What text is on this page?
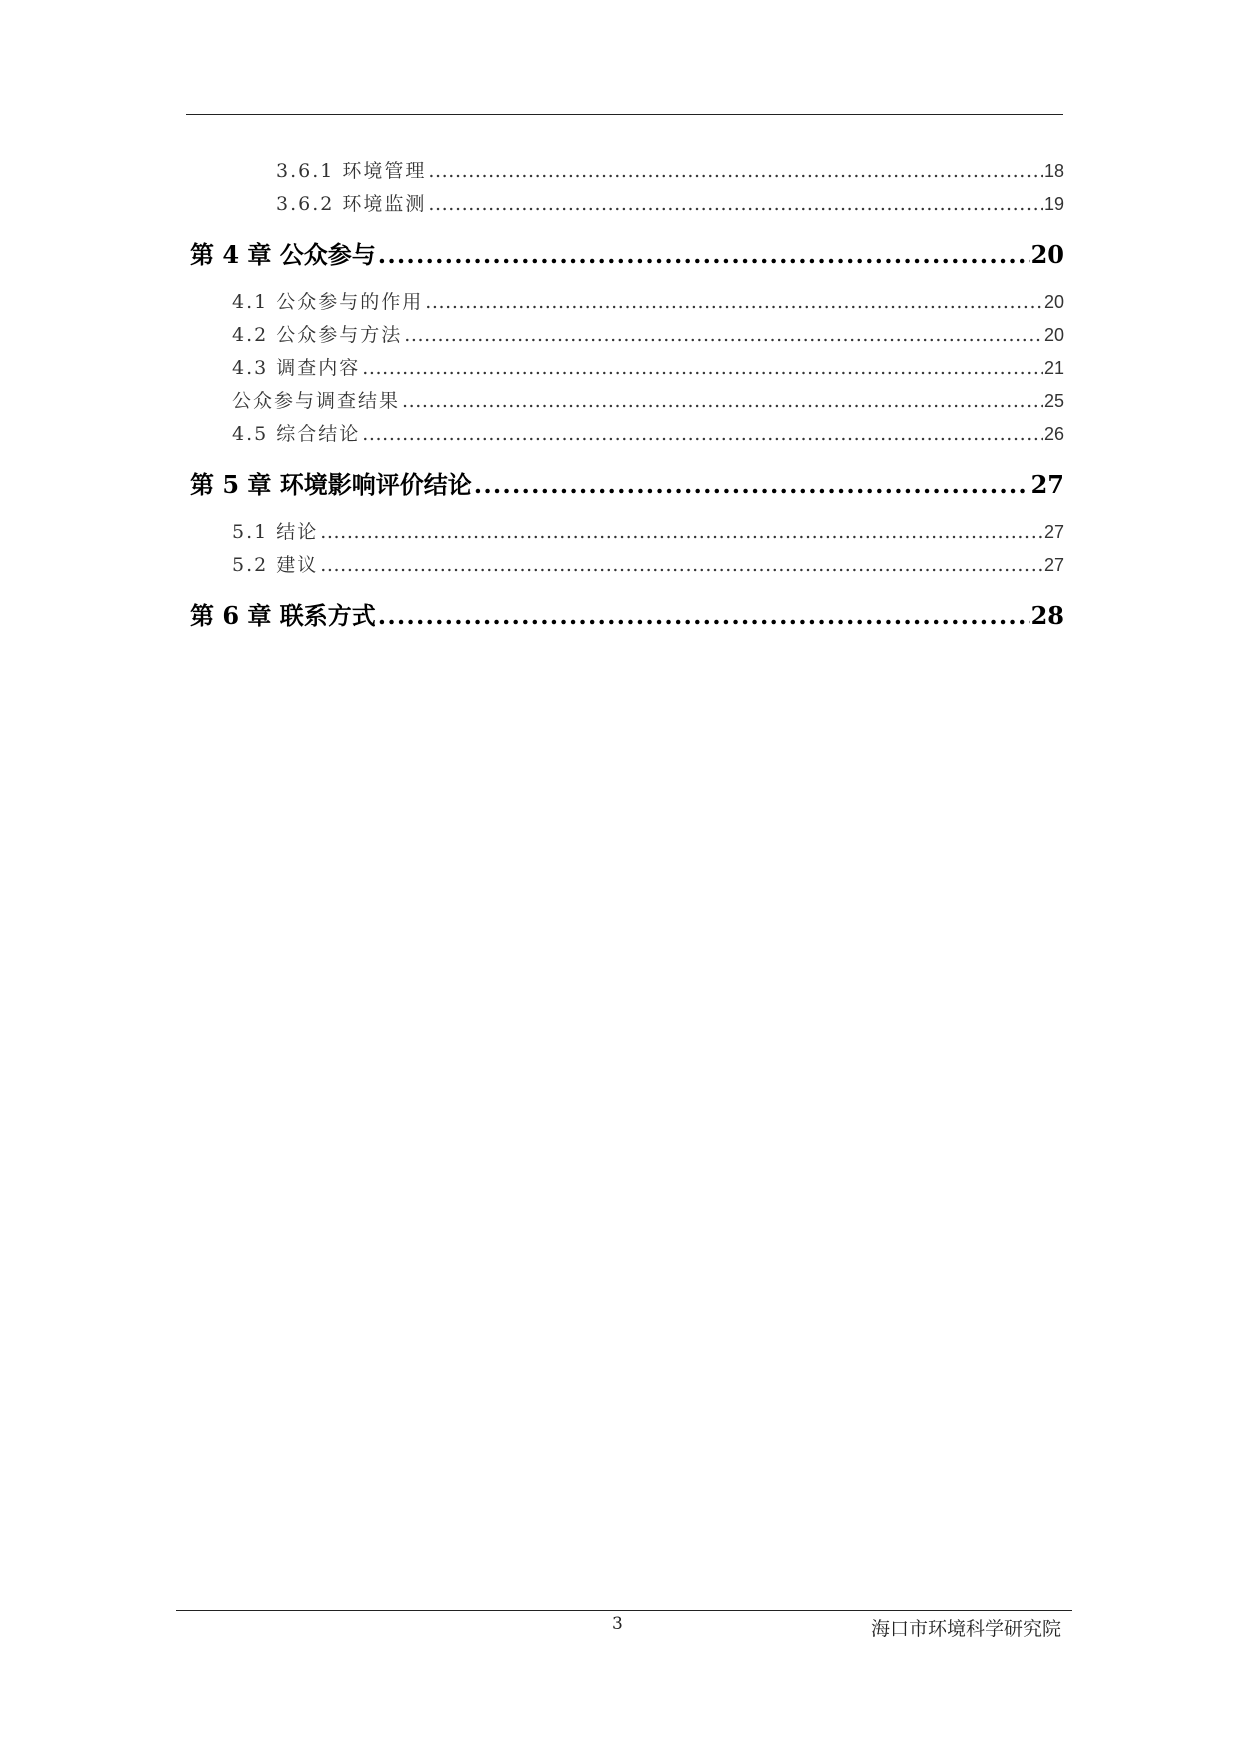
3.6.1 环境管理 .....	18
3.6.2 环境监测 .....	19
第 4 章 公众参与 .....	20
4.1 公众参与的作用 .....	20
4.2 公众参与方法 .....	20
4.3 调查内容 .....	21
公众参与调查结果 .....	25
4.5 综合结论 .....	26
第 5 章 环境影响评价结论 .....	27
5.1 结论 .....	27
5.2 建议 .....	27
第 6 章 联系方式 .....	28
3	海口市环境科学研究院
